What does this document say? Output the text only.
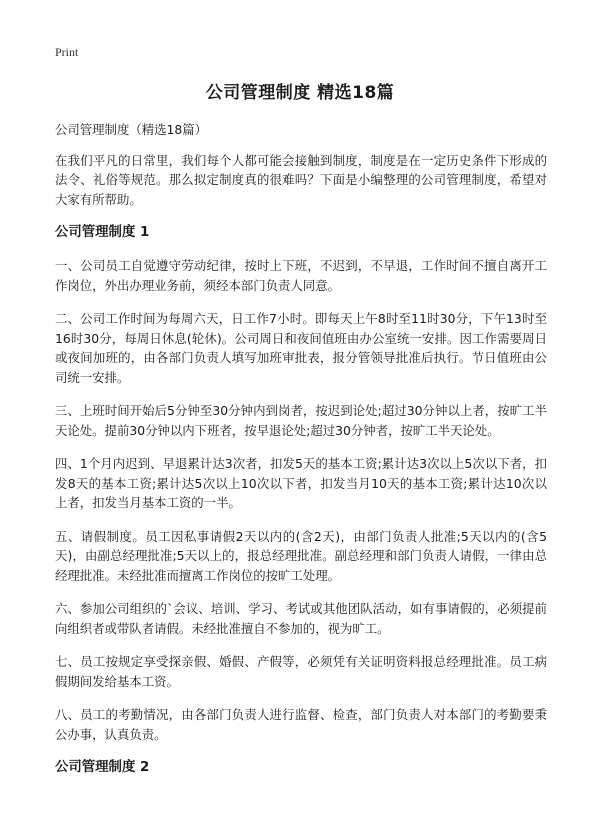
Print
公司管理制度 精选18篇

公司管理制度（精选18篇）

在我们平凡的日常里，我们每个人都可能会接触到制度，制度是在一定历史条件下形成的法令、礼俗等规范。那么拟定制度真的很难吗？下面是小编整理的公司管理制度，希望对大家有所帮助。

公司管理制度 1

一、公司员工自觉遵守劳动纪律，按时上下班，不迟到，不早退，工作时间不擅自离开工作岗位，外出办理业务前，须经本部门负责人同意。

二、公司工作时间为每周六天，日工作7小时。即每天上午8时至11时30分，下午13时至16时30分，每周日休息(轮休)。公司周日和夜间值班由办公室统一安排。因工作需要周日或夜间加班的，由各部门负责人填写加班审批表，报分管领导批准后执行。节日值班由公司统一安排。

三、上班时间开始后5分钟至30分钟内到岗者，按迟到论处;超过30分钟以上者，按旷工半天论处。提前30分钟以内下班者，按早退论处;超过30分钟者，按旷工半天论处。

四、1个月内迟到、早退累计达3次者，扣发5天的基本工资;累计达3次以上5次以下者，扣发8天的基本工资;累计达5次以上10次以下者，扣发当月10天的基本工资;累计达10次以上者，扣发当月基本工资的一半。

五、请假制度。员工因私事请假2天以内的(含2天)，由部门负责人批准;5天以内的(含5天)，由副总经理批准;5天以上的，报总经理批准。副总经理和部门负责人请假，一律由总经理批准。未经批准而擅离工作岗位的按旷工处理。

六、参加公司组织的`会议、培训、学习、考试或其他团队活动，如有事请假的，必须提前向组织者或带队者请假。未经批准擅自不参加的，视为旷工。

七、员工按规定享受探亲假、婚假、产假等，必须凭有关证明资料报总经理批准。员工病假期间发给基本工资。

八、员工的考勤情况，由各部门负责人进行监督、检查，部门负责人对本部门的考勤要秉公办事，认真负责。

公司管理制度 2
